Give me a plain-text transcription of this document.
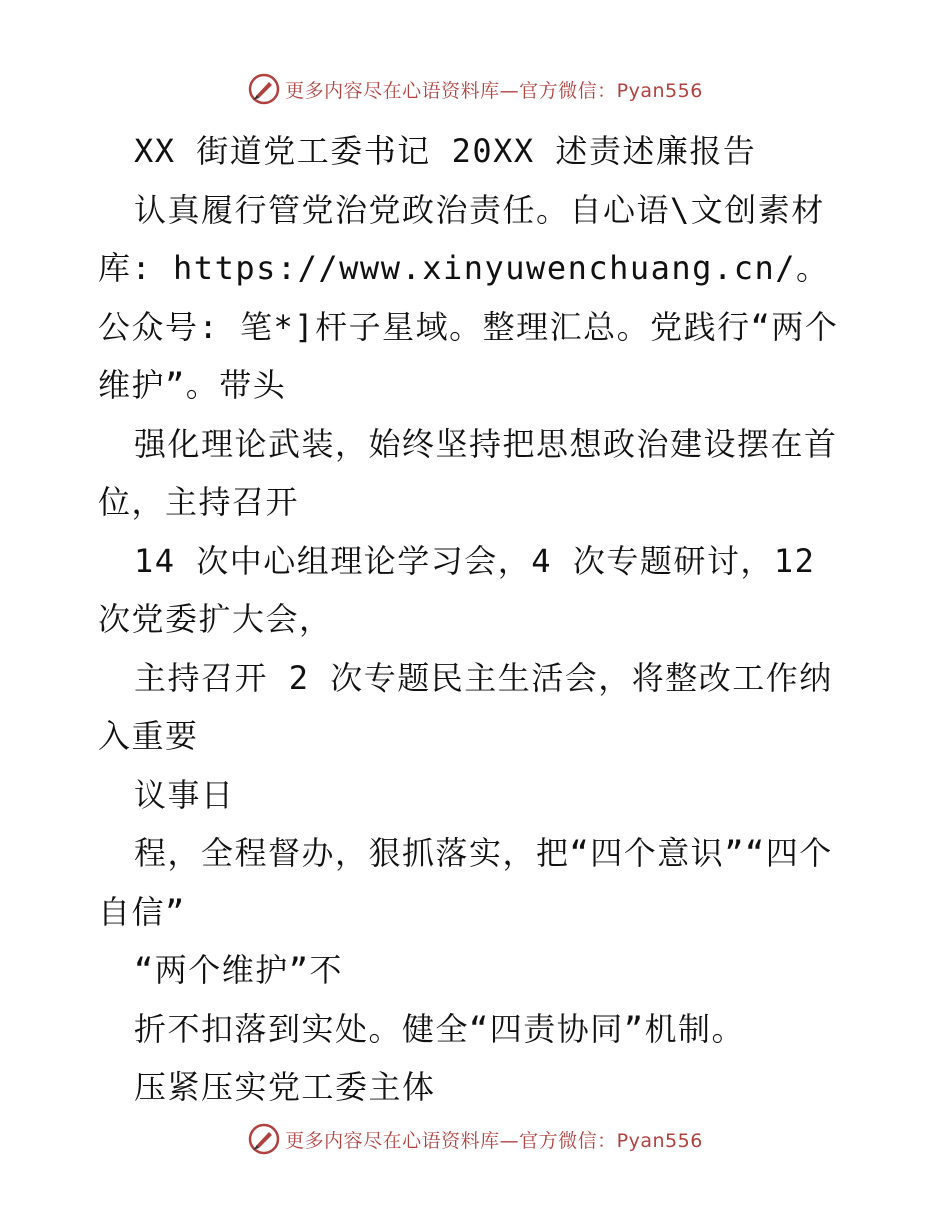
更多内容尽在心语资料库—官方微信：Pyan556

XX 街道党工委书记 20XX 述责述廉报告

认真履行管党治党政治责任。自心语\文创素材库: https://www.xinyuwenchuang.cn/。公众号: 笔*]杆子星域。整理汇总。党践行“两个维护”。带头

强化理论武装，始终坚持把思想政治建设摆在首位，主持召开

14 次中心组理论学习会，4 次专题研讨，12 次党委扩大会，

主持召开 2 次专题民主生活会，将整改工作纳入重要

议事日

程，全程督办，狠抓落实，把“四个意识”“四个自信”

“两个维护”不

折不扣落到实处。健全“四责协同”机制。

压紧压实党工委主体

更多内容尽在心语资料库—官方微信：Pyan556
